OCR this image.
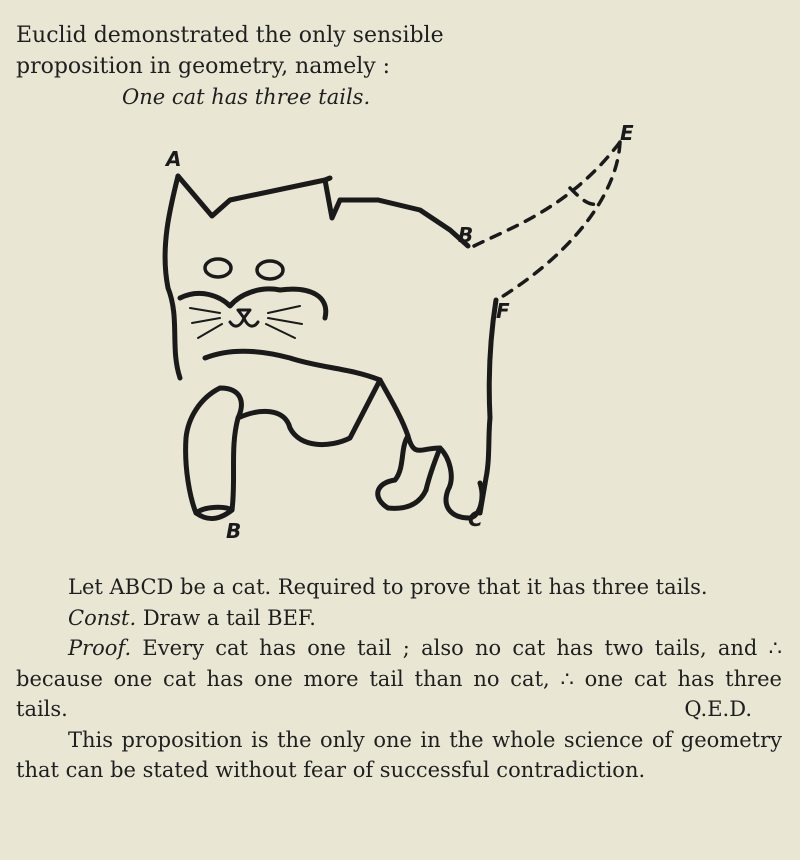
Euclid demonstrated the only sensible
proposition in geometry, namely :
One cat has three tails.
A
B
E
F
B	C

Let ABCD be a cat. Required to prove that it has three tails.

Const. Draw a tail BEF.

Proof. Every cat has one tail ; also no cat has two tails, and ∴ because one cat has one more tail than no cat, ∴ one cat has three tails.	Q.E.D.

This proposition is the only one in the whole science of geometry that can be stated without fear of successful contradiction.
